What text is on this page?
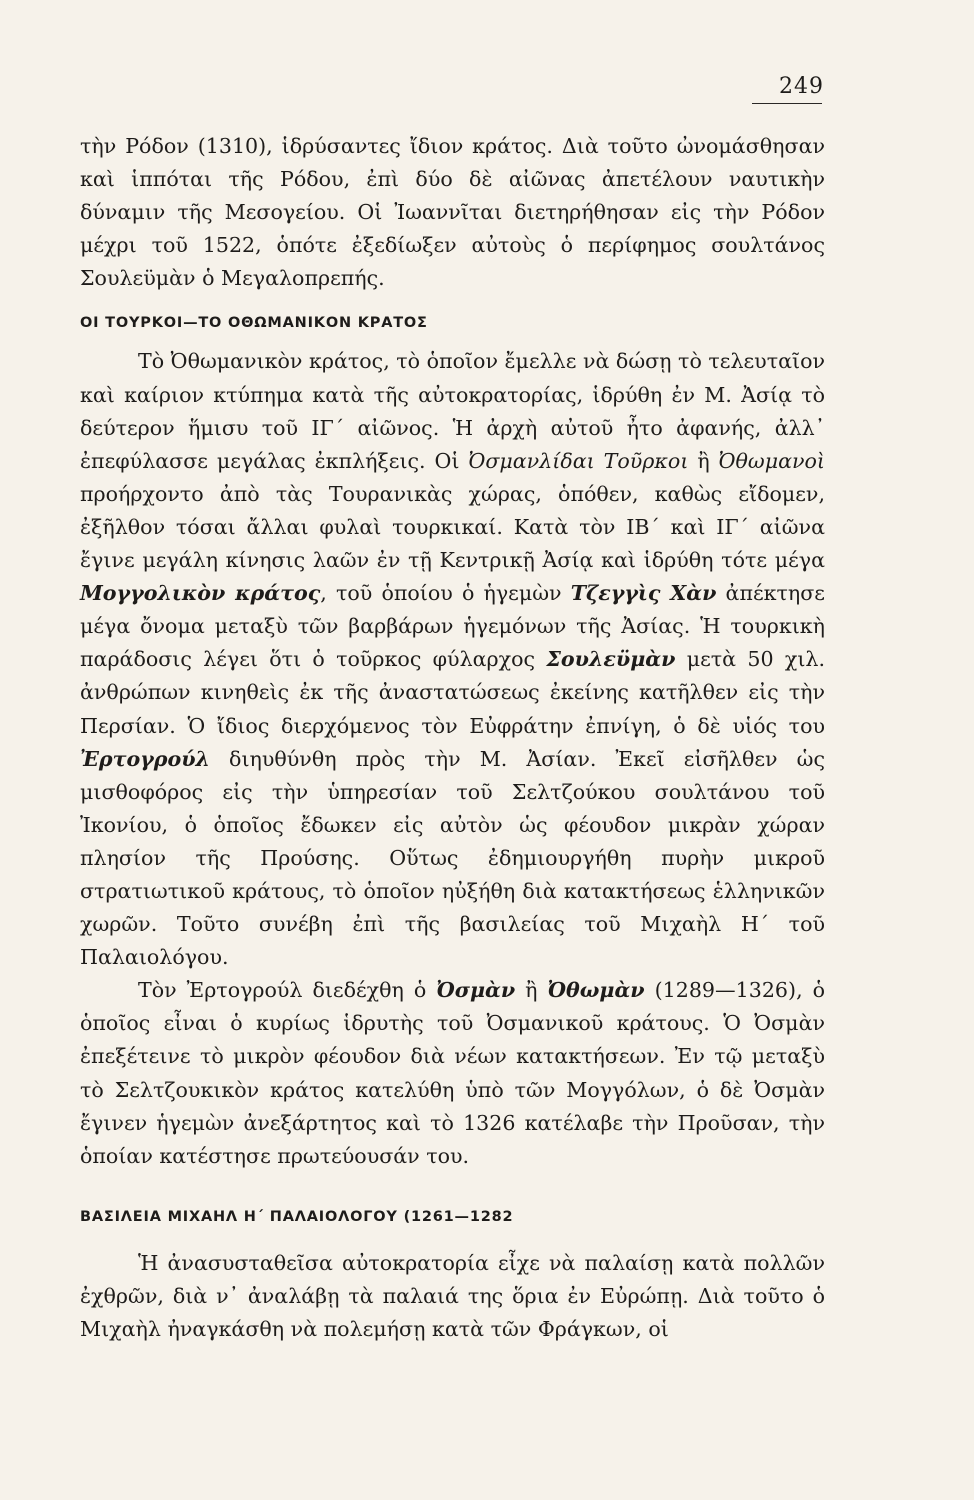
249

τὴν Ρόδον (1310), ἱδρύσαντες ἴδιον κράτος. Διὰ τοῦτο ὠνομάσθησαν καὶ ἱππόται τῆς Ρόδου, ἐπὶ δύο δὲ αἰῶνας ἀπετέλουν ναυτικὴν δύναμιν τῆς Μεσογείου. Οἱ Ἰωαννῖται διετηρήθησαν εἰς τὴν Ρόδον μέχρι τοῦ 1522, ὁπότε ἐξεδίωξεν αὐτοὺς ὁ περίφημος σουλτάνος Σουλεϋμὰν ὁ Μεγαλοπρεπής.

ΟΙ ΤΟΥΡΚΟΙ—ΤΟ ΟΘΩΜΑΝΙΚΟΝ ΚΡΑΤΟΣ

Τὸ Ὀθωμανικὸν κράτος, τὸ ὁποῖον ἔμελλε νὰ δώσῃ τὸ τελευταῖον καὶ καίριον κτύπημα κατὰ τῆς αὐτοκρατορίας, ἱδρύθη ἐν Μ. Ἀσίᾳ τὸ δεύτερον ἥμισυ τοῦ ΙΓ΄ αἰῶνος. Ἡ ἀρχὴ αὐτοῦ ἦτο ἀφανής, ἀλλ᾽ ἐπεφύλασσε μεγάλας ἐκπλήξεις. Οἱ Ὀσμανλίδαι Τοῦρκοι ἢ Ὀθωμανοὶ προήρχοντο ἀπὸ τὰς Τουρανικὰς χώρας, ὁπόθεν, καθὼς εἴδομεν, ἐξῆλθον τόσαι ἄλλαι φυλαὶ τουρκικαί. Κατὰ τὸν ΙΒ΄ καὶ ΙΓ΄ αἰῶνα ἔγινε μεγάλη κίνησις λαῶν ἐν τῇ Κεντρικῇ Ἀσίᾳ καὶ ἱδρύθη τότε μέγα Μογγολικὸν κράτος, τοῦ ὁποίου ὁ ἡγεμὼν Τζεγγὶς Χὰν ἀπέκτησε μέγα ὄνομα μεταξὺ τῶν βαρβάρων ἡγεμόνων τῆς Ἀσίας. Ἡ τουρκικὴ παράδοσις λέγει ὅτι ὁ τοῦρκος φύλαρχος Σουλεϋμὰν μετὰ 50 χιλ. ἀνθρώπων κινηθεὶς ἐκ τῆς ἀναστατώσεως ἐκείνης κατῆλθεν εἰς τὴν Περσίαν. Ὁ ἴδιος διερχόμενος τὸν Εὐφράτην ἐπνίγη, ὁ δὲ υἱός του Ἐρτογρούλ διηυθύνθη πρὸς τὴν Μ. Ἀσίαν. Ἐκεῖ εἰσῆλθεν ὡς μισθοφόρος εἰς τὴν ὑπηρεσίαν τοῦ Σελτζούκου σουλτάνου τοῦ Ἰκονίου, ὁ ὁποῖος ἔδωκεν εἰς αὐτὸν ὡς φέουδον μικρὰν χώραν πλησίον τῆς Προύσης. Οὕτως ἐδημιουργήθη πυρὴν μικροῦ στρατιωτικοῦ κράτους, τὸ ὁποῖον ηὐξήθη διὰ κατακτήσεως ἑλληνικῶν χωρῶν. Τοῦτο συνέβη ἐπὶ τῆς βασιλείας τοῦ Μιχαὴλ Η΄ τοῦ Παλαιολόγου.

Τὸν Ἐρτογρούλ διεδέχθη ὁ Ὀσμὰν ἢ Ὀθωμὰν (1289—1326), ὁ ὁποῖος εἶναι ὁ κυρίως ἱδρυτὴς τοῦ Ὀσμανικοῦ κράτους. Ὁ Ὀσμὰν ἐπεξέτεινε τὸ μικρὸν φέουδον διὰ νέων κατακτήσεων. Ἐν τῷ μεταξὺ τὸ Σελτζουκικὸν κράτος κατελύθη ὑπὸ τῶν Μογγόλων, ὁ δὲ Ὀσμὰν ἔγινεν ἡγεμὼν ἀνεξάρτητος καὶ τὸ 1326 κατέλαβε τὴν Προῦσαν, τὴν ὁποίαν κατέστησε πρωτεύουσάν του.

ΒΑΣΙΛΕΙΑ ΜΙΧΑΗΛ Η΄ ΠΑΛΑΙΟΛΟΓΟΥ (1261—1282

Ἡ ἀνασυσταθεῖσα αὐτοκρατορία εἶχε νὰ παλαίσῃ κατὰ πολλῶν ἐχθρῶν, διὰ ν᾽ ἀναλάβῃ τὰ παλαιά της ὅρια ἐν Εὐρώπῃ. Διὰ τοῦτο ὁ Μιχαὴλ ἠναγκάσθη νὰ πολεμήσῃ κατὰ τῶν Φράγκων, οἱ
